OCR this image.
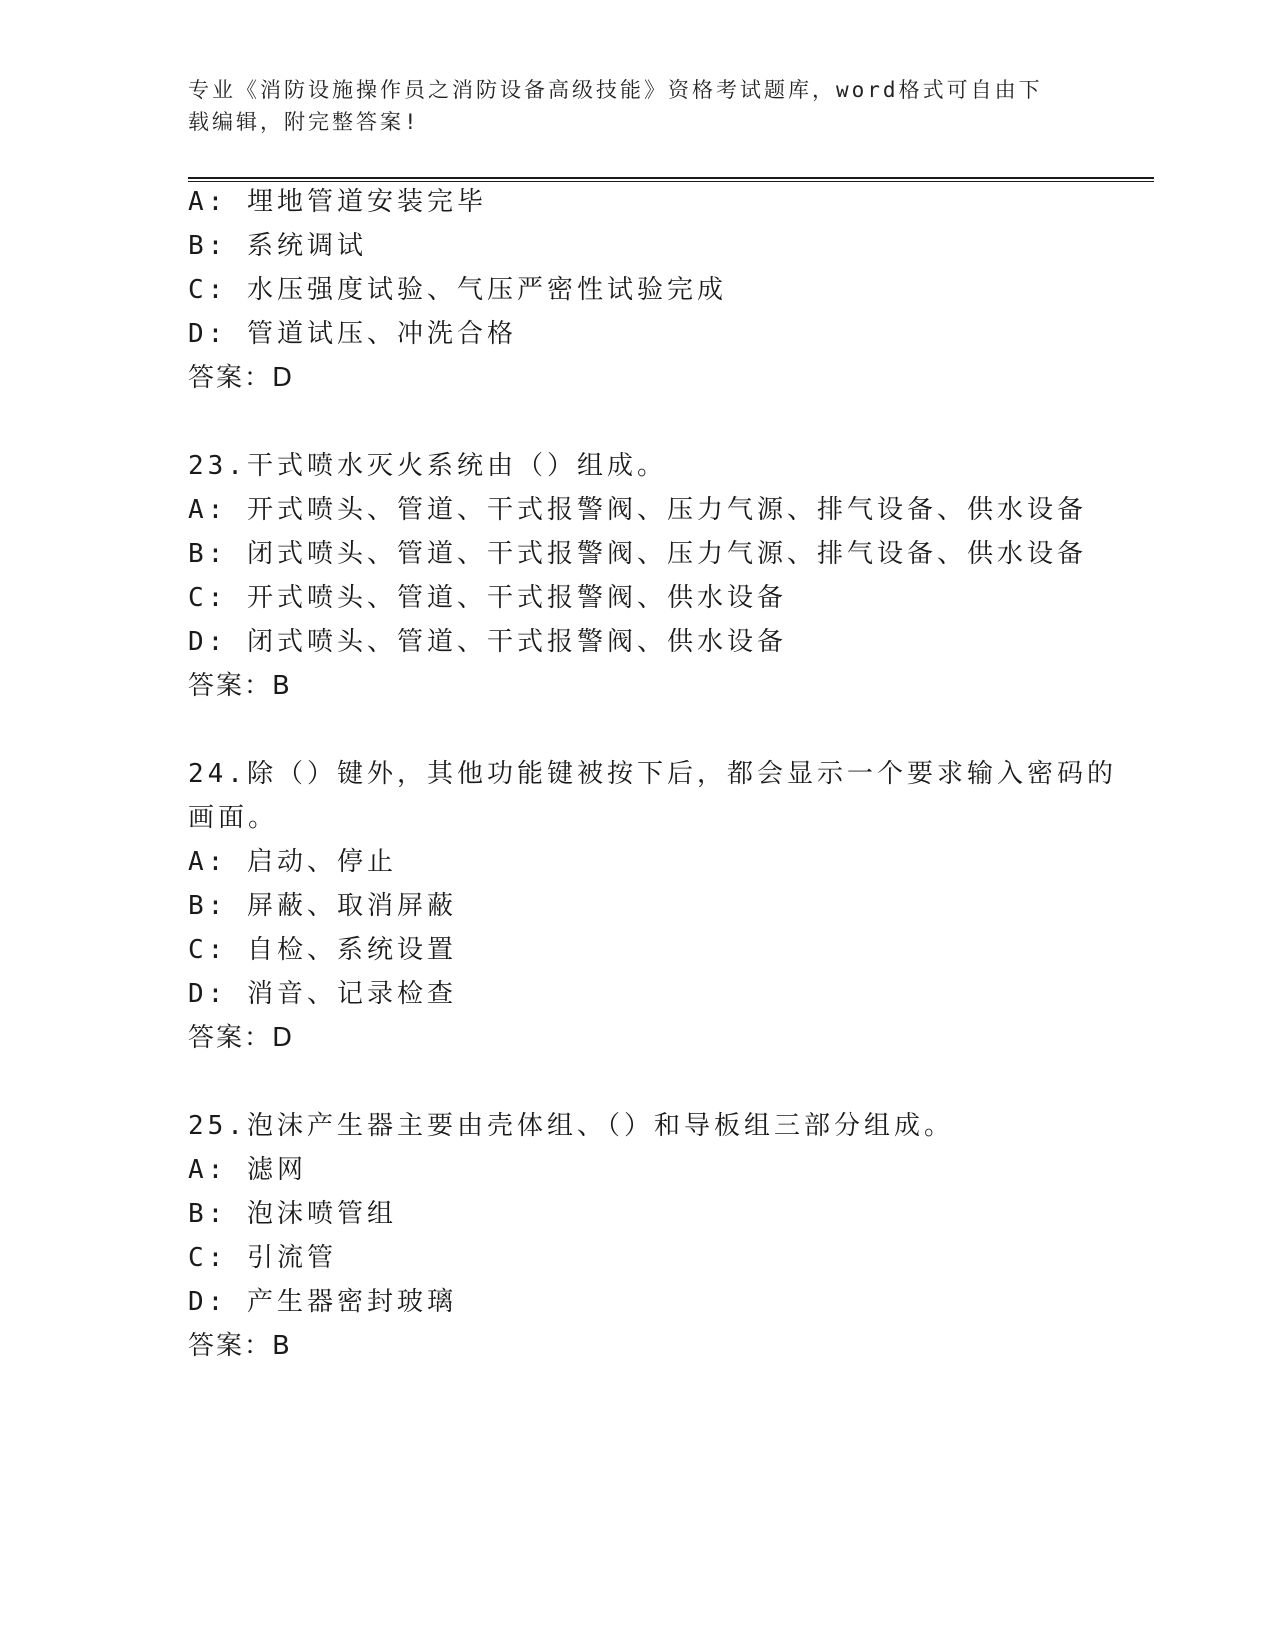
专业《消防设施操作员之消防设备高级技能》资格考试题库，word格式可自由下
载编辑，附完整答案!
A: 埋地管道安装完毕
B: 系统调试
C: 水压强度试验、气压严密性试验完成
D: 管道试压、冲洗合格
答案：D
23.干式喷水灭火系统由（）组成。
A: 开式喷头、管道、干式报警阀、压力气源、排气设备、供水设备
B: 闭式喷头、管道、干式报警阀、压力气源、排气设备、供水设备
C: 开式喷头、管道、干式报警阀、供水设备
D: 闭式喷头、管道、干式报警阀、供水设备
答案：B
24.除（）键外，其他功能键被按下后，都会显示一个要求输入密码的
画面。
A: 启动、停止
B: 屏蔽、取消屏蔽
C: 自检、系统设置
D: 消音、记录检查
答案：D
25.泡沫产生器主要由壳体组、（）和导板组三部分组成。
A: 滤网
B: 泡沫喷管组
C: 引流管
D: 产生器密封玻璃
答案：B
